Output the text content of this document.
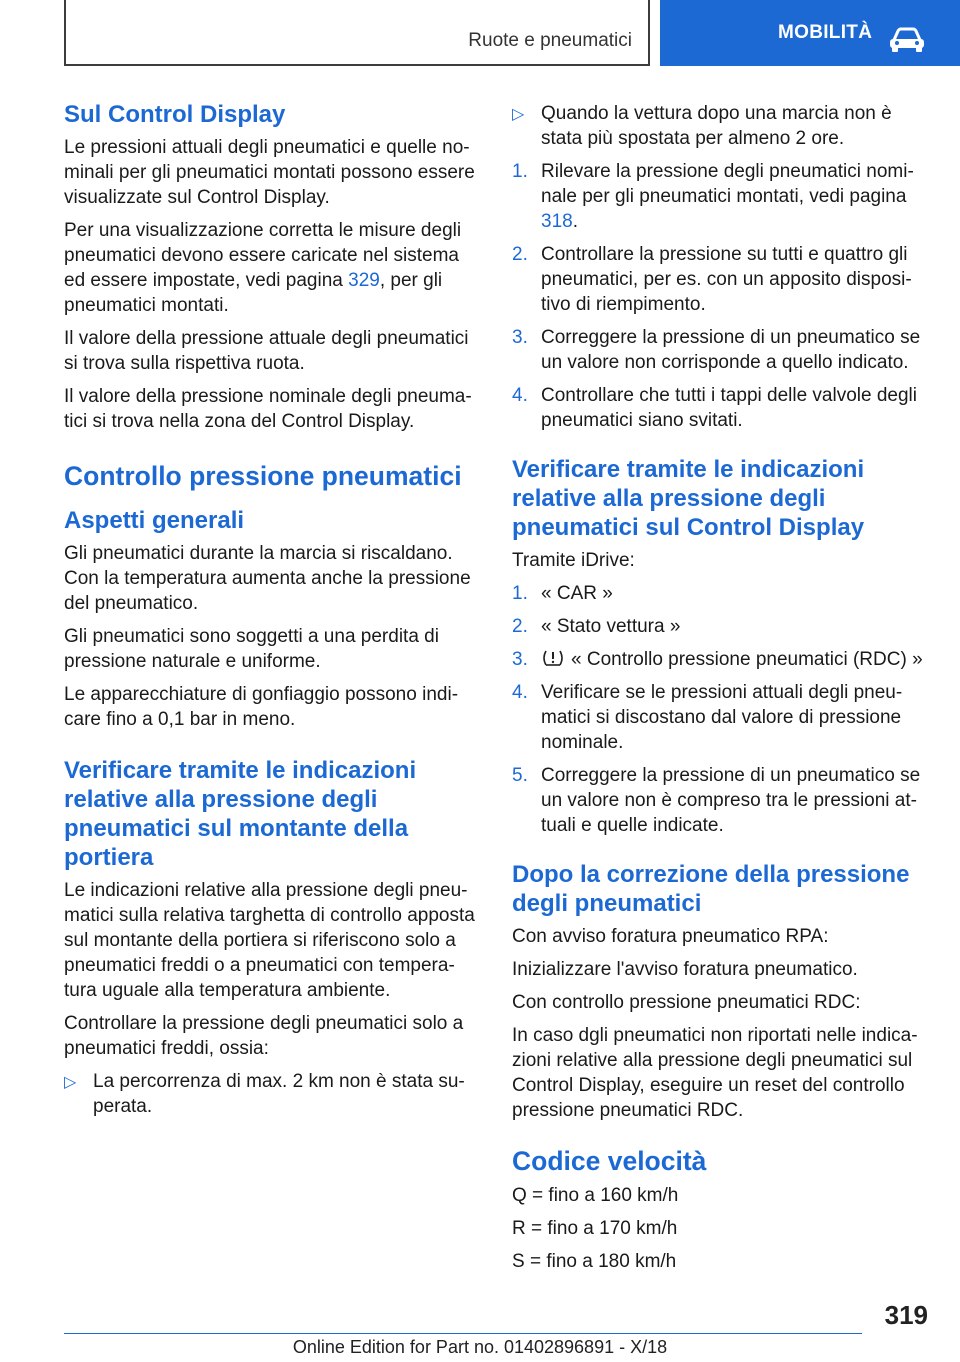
Ruote e pneumatici	MOBILITÀ
Sul Control Display

Le pressioni attuali degli pneumatici e quelle nominali per gli pneumatici montati possono essere visualizzate sul Control Display.

Per una visualizzazione corretta le misure degli pneumatici devono essere caricate nel sistema ed essere impostate, vedi pagina 329, per gli pneumatici montati.

Il valore della pressione attuale degli pneumatici si trova sulla rispettiva ruota.

Il valore della pressione nominale degli pneumatici si trova nella zona del Control Display.

Controllo pressione pneumatici
Aspetti generali

Gli pneumatici durante la marcia si riscaldano. Con la temperatura aumenta anche la pressione del pneumatico.

Gli pneumatici sono soggetti a una perdita di pressione naturale e uniforme.

Le apparecchiature di gonfiaggio possono indicare fino a 0,1 bar in meno.

Verificare tramite le indicazioni relative alla pressione degli pneumatici sul montante della portiera

Le indicazioni relative alla pressione degli pneumatici sulla relativa targhetta di controllo apposta sul montante della portiera si riferiscono solo a pneumatici freddi o a pneumatici con temperatura uguale alla temperatura ambiente.

Controllare la pressione degli pneumatici solo a pneumatici freddi, ossia:

▷ La percorrenza di max. 2 km non è stata superata.
▷ Quando la vettura dopo una marcia non è stata più spostata per almeno 2 ore.
1. Rilevare la pressione degli pneumatici nominale per gli pneumatici montati, vedi pagina 318.
2. Controllare la pressione su tutti e quattro gli pneumatici, per es. con un apposito dispositivo di riempimento.
3. Correggere la pressione di un pneumatico se un valore non corrisponde a quello indicato.
4. Controllare che tutti i tappi delle valvole degli pneumatici siano svitati.
Verificare tramite le indicazioni relative alla pressione degli pneumatici sul Control Display

Tramite iDrive:

1. « CAR »
2. « Stato vettura »
3. « Controllo pressione pneumatici (RDC) »
4. Verificare se le pressioni attuali degli pneumatici si discostano dal valore di pressione nominale.
5. Correggere la pressione di un pneumatico se un valore non è compreso tra le pressioni attuali e quelle indicate.
Dopo la correzione della pressione degli pneumatici

Con avviso foratura pneumatico RPA:

Inizializzare l'avviso foratura pneumatico.

Con controllo pressione pneumatici RDC:

In caso dgli pneumatici non riportati nelle indicazioni relative alla pressione degli pneumatici sul Control Display, eseguire un reset del controllo pressione pneumatici RDC.

Codice velocità

Q = fino a 160 km/h

R = fino a 170 km/h

S = fino a 180 km/h

319
Online Edition for Part no. 01402896891 - X/18
